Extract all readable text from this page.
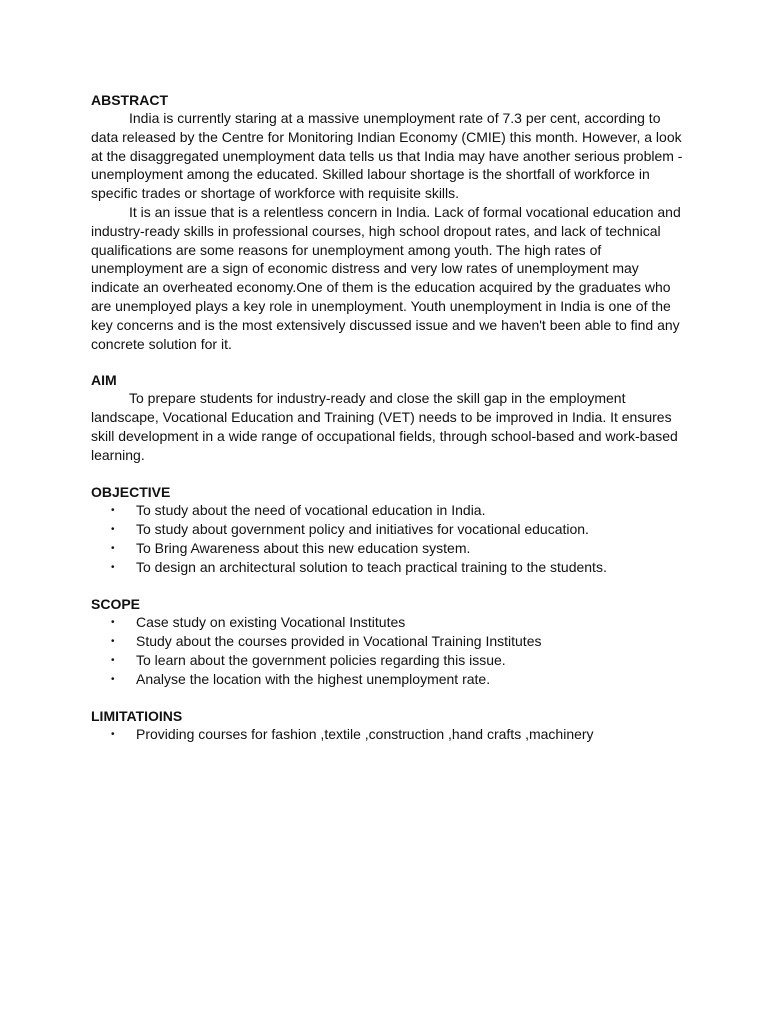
ABSTRACT

India is currently staring at a massive unemployment rate of 7.3 per cent, according to

data released by the Centre for Monitoring Indian Economy (CMIE) this month. However, a look

at the disaggregated unemployment data tells us that India may have another serious problem -

unemployment among the educated. Skilled labour shortage is the shortfall of workforce in

specific trades or shortage of workforce with requisite skills.

It is an issue that is a relentless concern in India. Lack of formal vocational education and

industry-ready skills in professional courses, high school dropout rates, and lack of technical

qualifications are some reasons for unemployment among youth. The high rates of

unemployment are a sign of economic distress and very low rates of unemployment may

indicate an overheated economy.One of them is the education acquired by the graduates who

are unemployed plays a key role in unemployment. Youth unemployment in India is one of the

key concerns and is the most extensively discussed issue and we haven't been able to find any

concrete solution for it.

AIM

To prepare students for industry-ready and close the skill gap in the employment

landscape, Vocational Education and Training (VET) needs to be improved in India. It ensures

skill development in a wide range of occupational fields, through school-based and work-based

learning.

OBJECTIVE

•	To study about the need of vocational education in India.
•	To study about government policy and initiatives for vocational education.
•	To Bring Awareness about this new education system.
•	To design an architectural solution to teach practical training to the students.

SCOPE

•	Case study on existing Vocational Institutes
•	Study about the courses provided in Vocational Training Institutes
•	To learn about the government policies regarding this issue.
•	Analyse the location with the highest unemployment rate.

LIMITATIOINS

•	Providing courses for fashion ,textile ,construction ,hand crafts ,machinery
